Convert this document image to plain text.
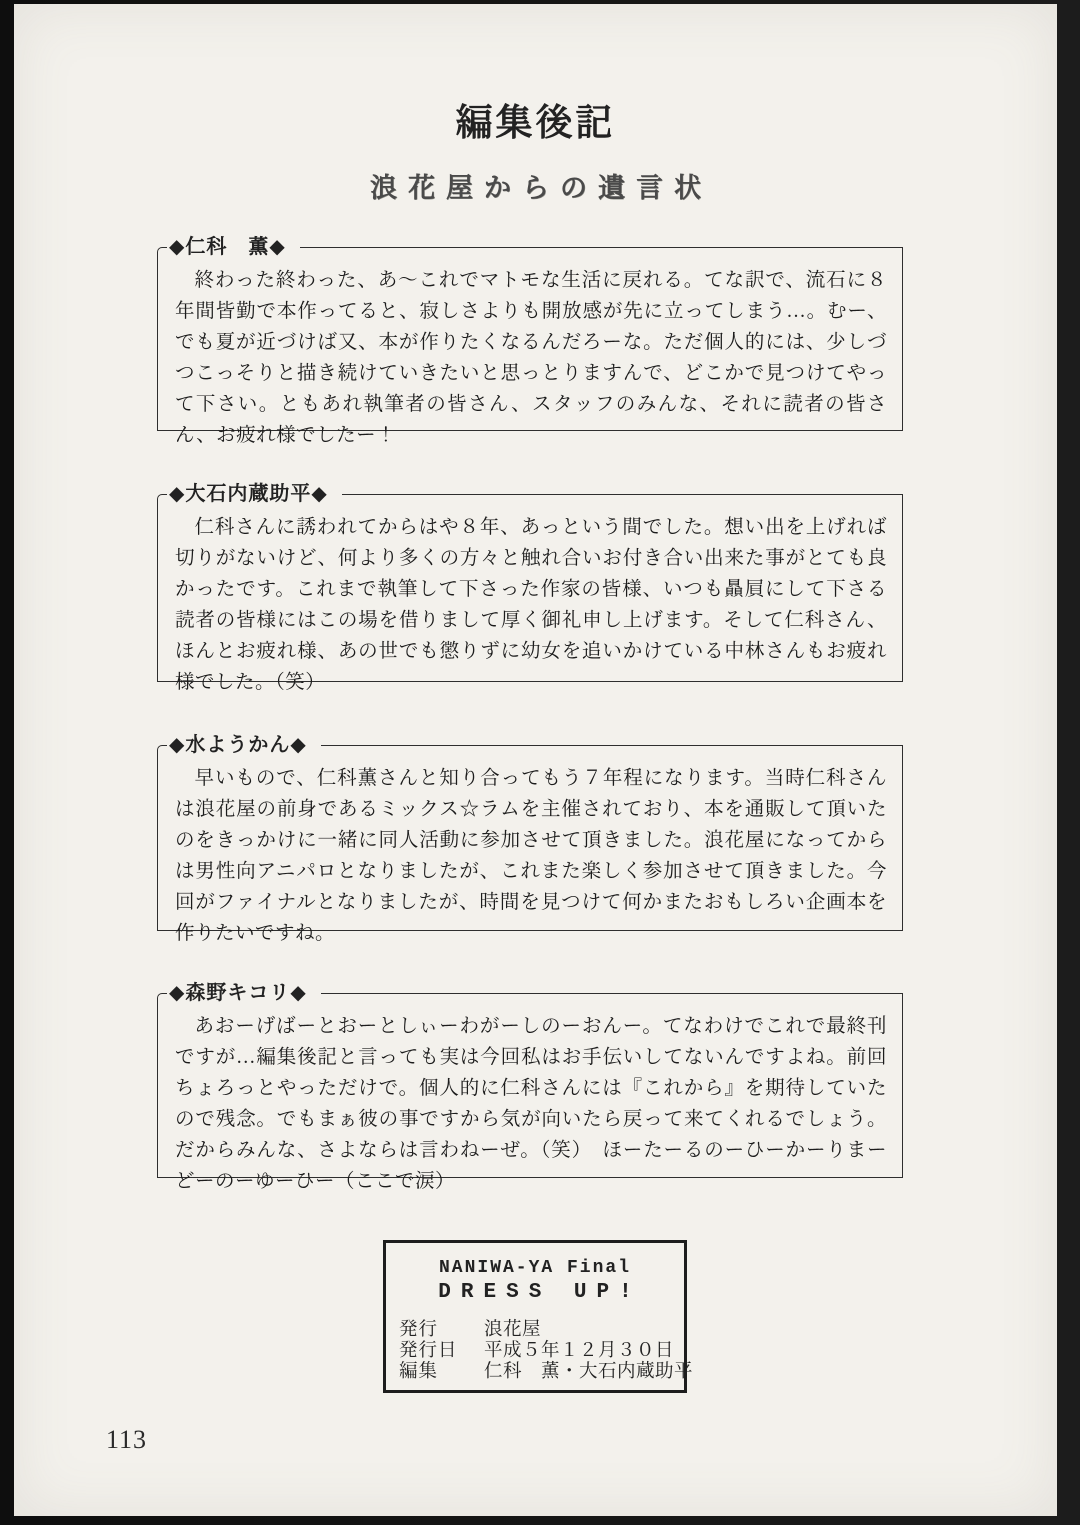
編集後記
浪花屋からの遺言状
◆仁科　薫◆

終わった終わった、あ～これでマトモな生活に戻れる。てな訳で、流石に８年間皆勤で本作ってると、寂しさよりも開放感が先に立ってしまう…。むー、でも夏が近づけば又、本が作りたくなるんだろーな。ただ個人的には、少しづつこっそりと描き続けていきたいと思っとりますんで、どこかで見つけてやって下さい。ともあれ執筆者の皆さん、スタッフのみんな、それに読者の皆さん、お疲れ様でしたー！

◆大石内蔵助平◆

仁科さんに誘われてからはや８年、あっという間でした。想い出を上げれば切りがないけど、何より多くの方々と触れ合いお付き合い出来た事がとても良かったです。これまで執筆して下さった作家の皆様、いつも贔屓にして下さる読者の皆様にはこの場を借りまして厚く御礼申し上げます。そして仁科さん、ほんとお疲れ様、あの世でも懲りずに幼女を追いかけている中林さんもお疲れ様でした。（笑）

◆水ようかん◆

早いもので、仁科薫さんと知り合ってもう７年程になります。当時仁科さんは浪花屋の前身であるミックス☆ラムを主催されており、本を通販して頂いたのをきっかけに一緒に同人活動に参加させて頂きました。浪花屋になってからは男性向アニパロとなりましたが、これまた楽しく参加させて頂きました。今回がファイナルとなりましたが、時間を見つけて何かまたおもしろい企画本を作りたいですね。

◆森野キコリ◆

あおーげばーとおーとしぃーわがーしのーおんー。てなわけでこれで最終刊ですが…編集後記と言っても実は今回私はお手伝いしてないんですよね。前回ちょろっとやっただけで。個人的に仁科さんには『これから』を期待していたので残念。でもまぁ彼の事ですから気が向いたら戻って来てくれるでしょう。だからみんな、さよならは言わねーぜ。（笑）　ほーたーるのーひーかーりまーどーのーゆーひー（ここで涙）

NANIWA-YA Final
DRESS UP!
発行 浪花屋
発行日 平成５年１２月３０日
編集 仁科　薫・大石内蔵助平
113
